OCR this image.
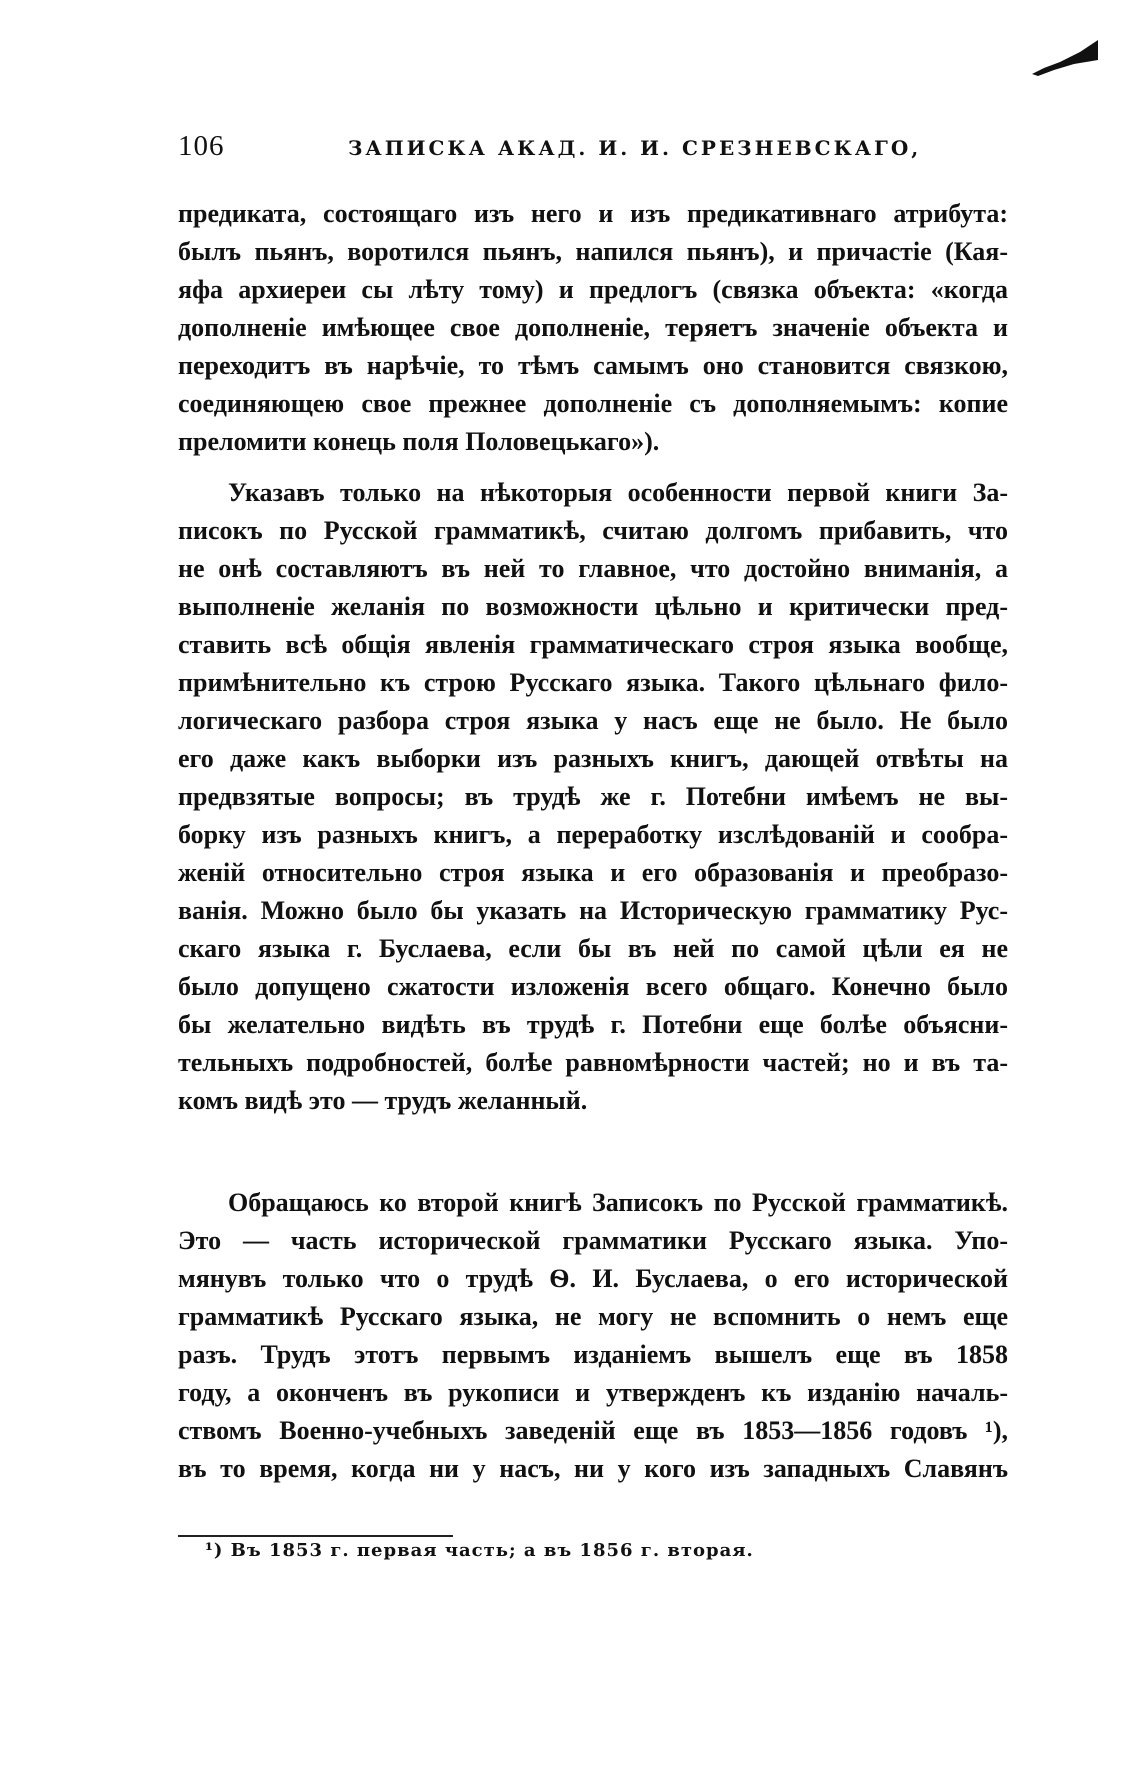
106	ЗАПИСКА АКАД. И. И. СРЕЗНЕВСКАГО,
предиката, состоящаго изъ него и изъ предикативнаго атрибута:
былъ пьянъ, воротился пьянъ, напился пьянъ), и причастіе (Кая-
яфа архиереи сы лѣту тому) и предлогъ (связка объекта: «когда
дополненіе имѣющее свое дополненіе, теряетъ значеніе объекта и
переходитъ въ нарѣчіе, то тѣмъ самымъ оно становится связкою,
соединяющею свое прежнее дополненіе съ дополняемымъ: копие
преломити конець поля Половецькаго»).
Указавъ только на нѣкоторыя особенности первой книги За-
писокъ по Русской грамматикѣ, считаю долгомъ прибавить, что
не онѣ составляютъ въ ней то главное, что достойно вниманія, а
выполненіе желанія по возможности цѣльно и критически пред-
ставить всѣ общія явленія грамматическаго строя языка вообще,
примѣнительно къ строю Русскаго языка. Такого цѣльнаго фило-
логическаго разбора строя языка у насъ еще не было. Не было
его даже какъ выборки изъ разныхъ книгъ, дающей отвѣты на
предвзятые вопросы; въ трудѣ же г. Потебни имѣемъ не вы-
борку изъ разныхъ книгъ, а переработку изслѣдованій и сообра-
женій относительно строя языка и его образованія и преобразо-
ванія. Можно было бы указать на Историческую грамматику Рус-
скаго языка г. Буслаева, если бы въ ней по самой цѣли ея не
было допущено сжатости изложенія всего общаго. Конечно было
бы желательно видѣть въ трудѣ г. Потебни еще болѣе объясни-
тельныхъ подробностей, болѣе равномѣрности частей; но и въ та-
комъ видѣ это — трудъ желанный.
Обращаюсь ко второй книгѣ Записокъ по Русской грамматикѣ.
Это — часть исторической грамматики Русскаго языка. Упо-
мянувъ только что о трудѣ Ѳ. И. Буслаева, о его исторической
грамматикѣ Русскаго языка, не могу не вспомнить о немъ еще
разъ. Трудъ этотъ первымъ изданіемъ вышелъ еще въ 1858
году, а оконченъ въ рукописи и утвержденъ къ изданію началь-
ствомъ Военно-учебныхъ заведеній еще въ 1853—1856 годовъ ¹),
въ то время, когда ни у насъ, ни у кого изъ западныхъ Славянъ
¹) Въ 1853 г. первая часть; а въ 1856 г. вторая.
